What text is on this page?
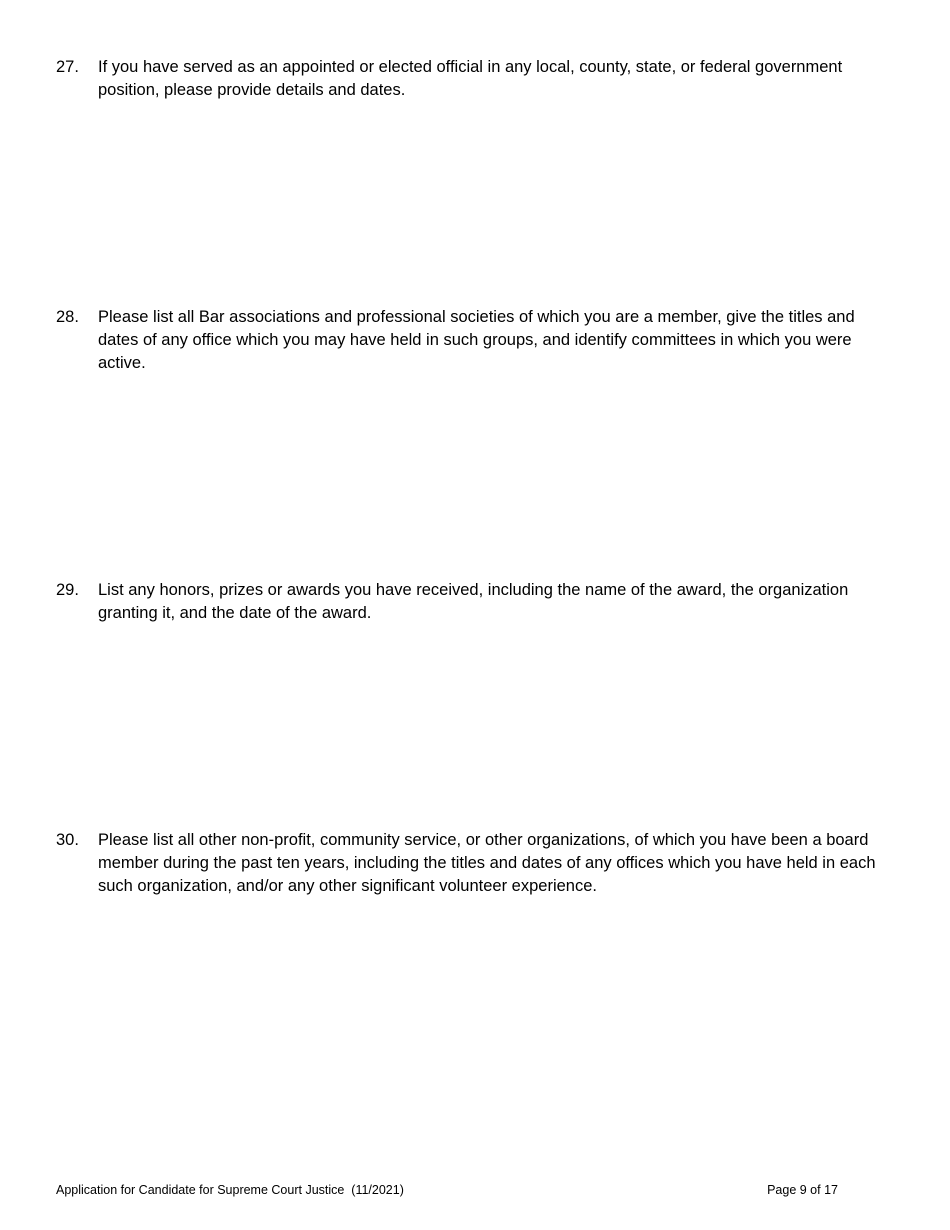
27.	If you have served as an appointed or elected official in any local, county, state, or federal government position, please provide details and dates.
28.	Please list all Bar associations and professional societies of which you are a member, give the titles and dates of any office which you may have held in such groups, and identify committees in which you were active.
29.	List any honors, prizes or awards you have received, including the name of the award, the organization granting it, and the date of the award.
30.	Please list all other non-profit, community service, or other organizations, of which you have been a board member during the past ten years, including the titles and dates of any offices which you have held in each such organization, and/or any other significant volunteer experience.
Application for Candidate for Supreme Court Justice  (11/2021)	Page 9 of 17
